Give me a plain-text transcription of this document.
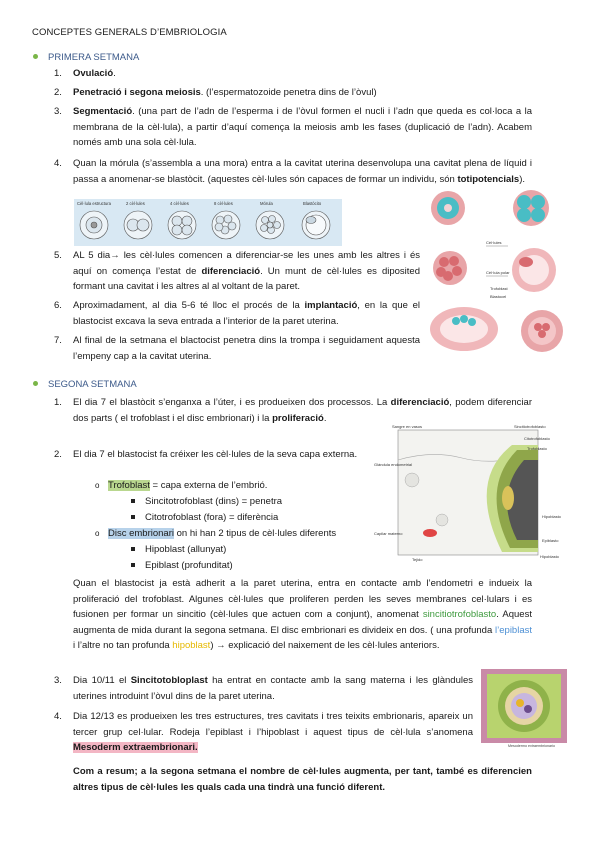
CONCEPTES GENERALS D’EMBRIOLOGIA
PRIMERA SETMANA
1. Ovulació.
2. Penetració i segona meiosis. (l’espermatozoide penetra dins de l’òvul)
3. Segmentació. (una part de l’adn de l’esperma i de l’òvul formen el nucli i l’adn que queda es col·loca a la membrana de la cèl·lula), a partir d’aquí comença la meiosis amb les fases (duplicació de l’adn). Acabem només amb una sola cèl·lula.
4. Quan la mórula (s’assembla a una mora) entra a la cavitat uterina desenvolupa una cavitat plena de líquid i passa a anomenar-se blastòcit. (aquestes cèl·lules són capaces de formar un individu, són totipotencials).
Cèl·lula estructura	2 cèl·lules	4 cèl·lules	8 cèl·lules	Mórula	Blastòcito
5. AL 5 dia→ les cèl·lules comencen a diferenciar-se les unes amb les altres i és aquí on comença l’estat de diferenciació. Un munt de cèl·lules es diposited formant una cavitat i les altres al al voltant de la paret.
6. Aproximadament, al dia 5-6 té lloc el procés de la implantació, en la que el blastocist excava la seva entrada a l’interior de la paret uterina.
7. Al final de la setmana el blactocist penetra dins la trompa i seguidament aquesta l’empeny cap a la cavitat uterina.
Cèl·lules
Cèl·lula polar
Trofoblast
Blastocel
SEGONA SETMANA
1. El dia 7 el blastòcit s’enganxa a l’úter, i es produeixen dos processos. La diferenciació, podem diferenciar dos parts ( el trofoblast i el disc embrionari) i la proliferació.
2. El dia 7 el blastocist fa créixer les cèl·lules de la seva capa externa.
o Trofoblast = capa externa de l’embrió.
Sincitotrofoblast (dins) = penetra
Citotrofoblast (fora) = diferència
o Disc embrionari on hi han 2 tipus de cèl·lules diferents
Hipoblast (allunyat)
Epiblast (profunditat)
Quan el blastocist ja està adherit a la paret uterina, entra en contacte amb l’endometri e indueix la proliferació del trofoblast. Algunes cèl·lules que proliferen perden les seves membranes cel·lulars i es fusionen per formar un sincitio (cèl·lules que actuen com a conjunt), anomenat sincitiotrofoblasto. Aquest augmenta de mida durant la segona setmana. El disc embrionari es divideix en dos. ( una profunda l’epiblast i l’altre no tan profunda hipoblast) → explicació del naixement de les cèl·lules anteriors.
3. Dia 10/11 el Sincitotobloplast ha entrat en contacte amb la sang materna i les glàndules uterines introduint l’òvul dins de la paret uterina.
4. Dia 12/13 es produeixen les tres estructures, tres cavitats i tres teixits embrionaris, apareix un tercer grup cel·lular. Rodeja l’epiblast i l’hipoblast i aquest tipus de cèl·lula s’anomena Mesoderm extraembrionari.
Com a resum; a la segona setmana el nombre de cèl·lules augmenta, per tant, també es diferencien altres tipus de cèl·lules les quals cada una tindrà una funció diferent.
Sangre en vasos
Glándula endometrial
Sincitiotrofoblasto
Citotrofoblasto
Trofoblasto
Hipoblasto
Epiblasto
Capilar materno
Tejido
Hipoblasto
Mesodermo extraembrionario
